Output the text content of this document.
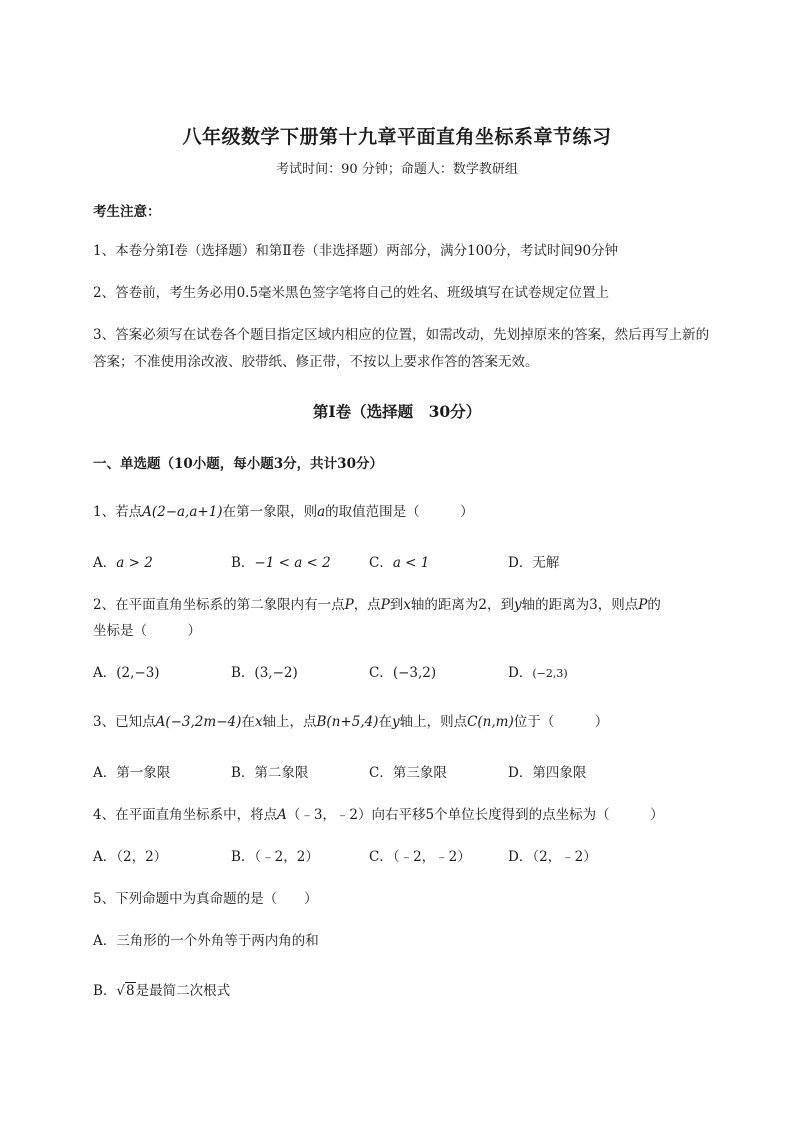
八年级数学下册第十九章平面直角坐标系章节练习
考试时间：90 分钟；命题人：数学教研组
考生注意：
1、本卷分第Ⅰ卷（选择题）和第Ⅱ卷（非选择题）两部分，满分100分，考试时间90分钟
2、答卷前，考生务必用0.5毫米黑色签字笔将自己的姓名、班级填写在试卷规定位置上
3、答案必须写在试卷各个题目指定区域内相应的位置，如需改动，先划掉原来的答案，然后再写上新的答案；不准使用涂改液、胶带纸、修正带，不按以上要求作答的答案无效。
第Ⅰ卷（选择题　30分）
一、单选题（10小题，每小题3分，共计30分）
1、若点A(2−a,a+1)在第一象限，则a的取值范围是（　　　）
A．a > 2	B．−1 < a < 2	C．a < 1	D．无解
2、在平面直角坐标系的第二象限内有一点P，点P到x轴的距离为2，到y轴的距离为3，则点P的
坐标是（　　　）
A．(2,−3)	B．(3,−2)	C．(−3,2)	D．(−2,3)
3、已知点A(−3,2m−4)在x轴上，点B(n+5,4)在y轴上，则点C(n,m)位于（　　　）
A．第一象限	B．第二象限	C．第三象限	D．第四象限
4、在平面直角坐标系中，将点A（﹣3，﹣2）向右平移5个单位长度得到的点坐标为（　　　）
A．（2，2）	B．（﹣2，2）	C．（﹣2，﹣2）	D．（2，﹣2）
5、下列命题中为真命题的是（　　）
A．三角形的一个外角等于两内角的和
B．√8是最简二次根式
